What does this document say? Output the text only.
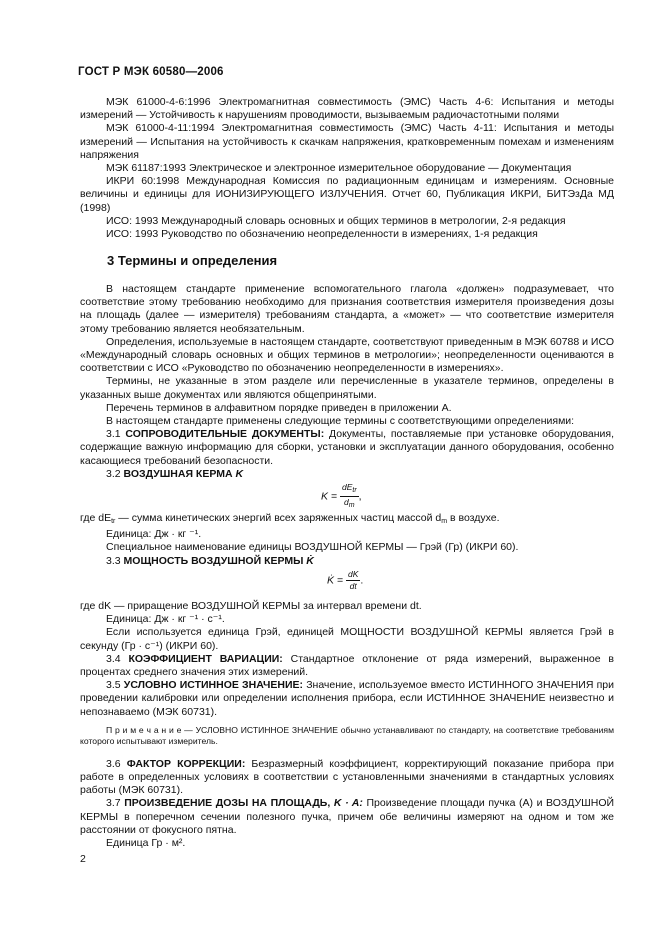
ГОСТ Р МЭК 60580—2006

МЭК 61000-4-6:1996 Электромагнитная совместимость (ЭМС) Часть 4-6: Испытания и методы измерений — Устойчивость к нарушениям проводимости, вызываемым радиочастотными полями

МЭК 61000-4-11:1994 Электромагнитная совместимость (ЭМС) Часть 4-11: Испытания и методы измерений — Испытания на устойчивость к скачкам напряжения, кратковременным помехам и изменениям напряжения

МЭК 61187:1993 Электрическое и электронное измерительное оборудование — Документация

ИКРИ 60:1998 Международная Комиссия по радиационным единицам и измерениям. Основные величины и единицы для ИОНИЗИРУЮЩЕГО ИЗЛУЧЕНИЯ. Отчет 60, Публикация ИКРИ, БИТЭзДа МД (1998)

ИСО: 1993 Международный словарь основных и общих терминов в метрологии, 2-я редакция

ИСО: 1993 Руководство по обозначению неопределенности в измерениях, 1-я редакция

3 Термины и определения

В настоящем стандарте применение вспомогательного глагола «должен» подразумевает, что соответствие этому требованию необходимо для признания соответствия измерителя произведения дозы на площадь (далее — измерителя) требованиям стандарта, а «может» — что соответствие измерителя этому требованию является необязательным.

Определения, используемые в настоящем стандарте, соответствуют приведенным в МЭК 60788 и ИСО «Международный словарь основных и общих терминов в метрологии»; неопределенности оцениваются в соответствии с ИСО «Руководство по обозначению неопределенности в измерениях».

Термины, не указанные в этом разделе или перечисленные в указателе терминов, определены в указанных выше документах или являются общепринятыми.

Перечень терминов в алфавитном порядке приведен в приложении А.

В настоящем стандарте применены следующие термины с соответствующими определениями:

3.1 СОПРОВОДИТЕЛЬНЫЕ ДОКУМЕНТЫ: Документы, поставляемые при установке оборудования, содержащие важную информацию для сборки, установки и эксплуатации данного оборудования, особенно касающиеся требований безопасности.

3.2 ВОЗДУШНАЯ КЕРМА K

$K = \frac{dE_{tr}}{d_m}$ ,

где $dE_{tr}$ — сумма кинетических энергий всех заряженных частиц массой $d_m$ в воздухе.

Единица: Дж · кг ⁻¹.

Специальное наименование единицы ВОЗДУШНОЙ КЕРМЫ — Грэй (Гр) (ИКРИ 60).

3.3 МОЩНОСТЬ ВОЗДУШНОЙ КЕРМЫ K̇

K̇ = $\frac{dK}{dt}$ .

где dK — приращение ВОЗДУШНОЙ КЕРМЫ за интервал времени dt.

Единица: Дж · кг ⁻¹ · с⁻¹.

Если используется единица Грэй, единицей МОЩНОСТИ ВОЗДУШНОЙ КЕРМЫ является Грэй в секунду (Гр · с⁻¹) (ИКРИ 60).

3.4 КОЭФФИЦИЕНТ ВАРИАЦИИ: Стандартное отклонение от ряда измерений, выраженное в процентах среднего значения этих измерений.

3.5 УСЛОВНО ИСТИННОЕ ЗНАЧЕНИЕ: Значение, используемое вместо ИСТИННОГО ЗНАЧЕНИЯ при проведении калибровки или определении исполнения прибора, если ИСТИННОЕ ЗНАЧЕНИЕ неизвестно и непознаваемо (МЭК 60731).

П р и м е ч а н и е — УСЛОВНО ИСТИННОЕ ЗНАЧЕНИЕ обычно устанавливают по стандарту, на соответствие требованиям которого испытывают измеритель.

3.6 ФАКТОР КОРРЕКЦИИ: Безразмерный коэффициент, корректирующий показание прибора при работе в определенных условиях в соответствии с установленными значениями в стандартных условиях работы (МЭК 60731).

3.7 ПРОИЗВЕДЕНИЕ ДОЗЫ НА ПЛОЩАДЬ, K · A: Произведение площади пучка (A) и ВОЗДУШНОЙ КЕРМЫ в поперечном сечении полезного пучка, причем обе величины измеряют на одном и том же расстоянии от фокусного пятна.

Единица Гр · м².

2
